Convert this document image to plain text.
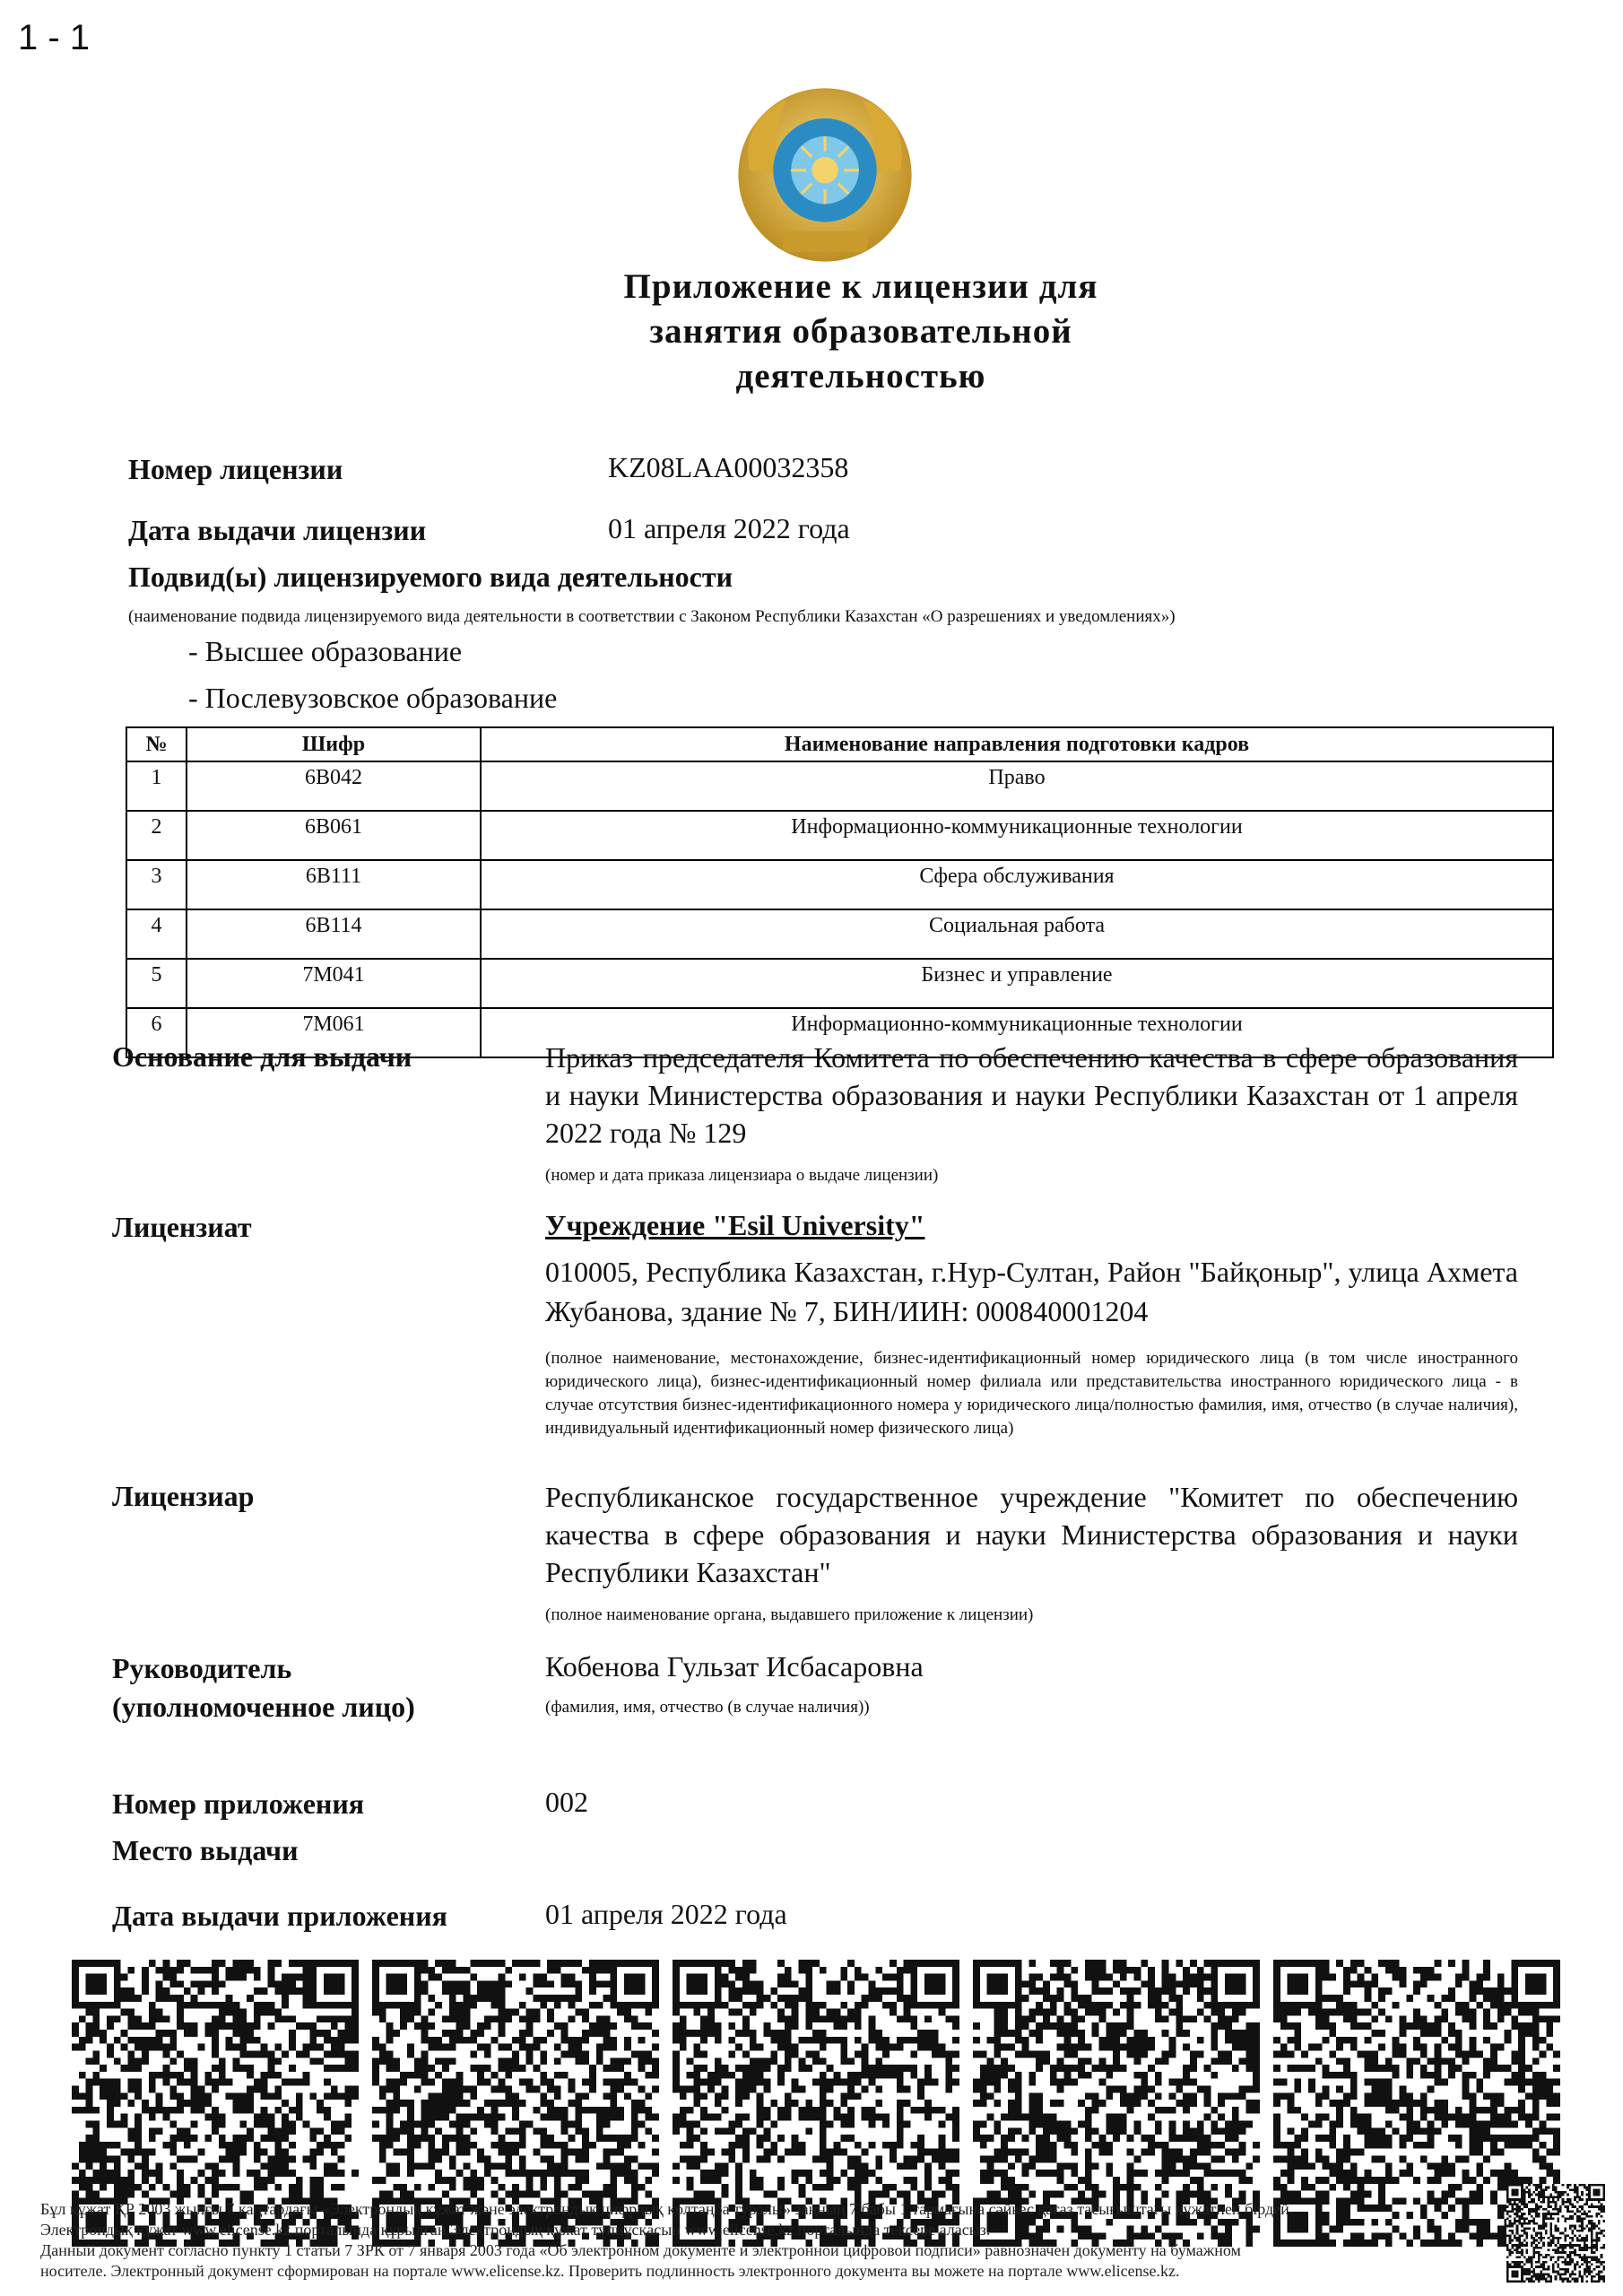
1 - 1
Приложение к лицензии для
занятия образовательной
деятельностью
Номер лицензии	KZ08LAA00032358
Дата выдачи лицензии	01 апреля 2022 года
Подвид(ы) лицензируемого вида деятельности
(наименование подвида лицензируемого вида деятельности в соответствии с Законом Республики Казахстан «О разрешениях и уведомлениях»)
- Высшее образование
- Послевузовское образование
№	Шифр	Наименование направления подготовки кадров
1	6В042	Право
2	6В061	Информационно-коммуникационные технологии
3	6В111	Сфера обслуживания
4	6В114	Социальная работа
5	7М041	Бизнес и управление
6	7М061	Информационно-коммуникационные технологии
Основание для выдачи	Приказ председателя Комитета по обеспечению качества в сфере образования и науки Министерства образования и науки Республики Казахстан от 1 апреля 2022 года № 129
(номер и дата приказа лицензиара о выдаче лицензии)
Лицензиат	Учреждение "Esil University"
010005, Республика Казахстан, г.Нур-Султан, Район "Байқоныр", улица Ахмета Жубанова, здание № 7, БИН/ИИН: 000840001204
(полное наименование, местонахождение, бизнес-идентификационный номер юридического лица (в том числе иностранного юридического лица), бизнес-идентификационный номер филиала или представительства иностранного юридического лица - в случае отсутствия бизнес-идентификационного номера у юридического лица/полностью фамилия, имя, отчество (в случае наличия), индивидуальный идентификационный номер физического лица)
Лицензиар	Республиканское государственное учреждение "Комитет по обеспечению качества в сфере образования и науки Министерства образования и науки Республики Казахстан"
(полное наименование органа, выдавшего приложение к лицензии)
Руководитель
(уполномоченное лицо)
Кобенова Гульзат Исбасаровна
(фамилия, имя, отчество (в случае наличия))
Номер приложения	002
Место выдачи
Дата выдачи приложения	01 апреля 2022 года
Бұл құжат ҚР 2003 жылғы 7 қаңтардағы «Электрондық құжат және электрондық цифрлық қолтаңба туралы» заңның 7 бабы 1 тармағына сәйкес қағаз тасығыштағы құжатпен бірдей.
Электрондық құжат www.elicense.kz порталында құрылған.Электрондық құжат түпнұсқасын www.elicense.kz порталында тексере аласыз.
Данный документ согласно пункту 1 статьи 7 ЗРК от 7 января 2003 года «Об электронном документе и электронной цифровой подписи» равнозначен документу на бумажном
носителе. Электронный документ сформирован на портале www.elicense.kz. Проверить подлинность электронного документа вы можете на портале www.elicense.kz.
